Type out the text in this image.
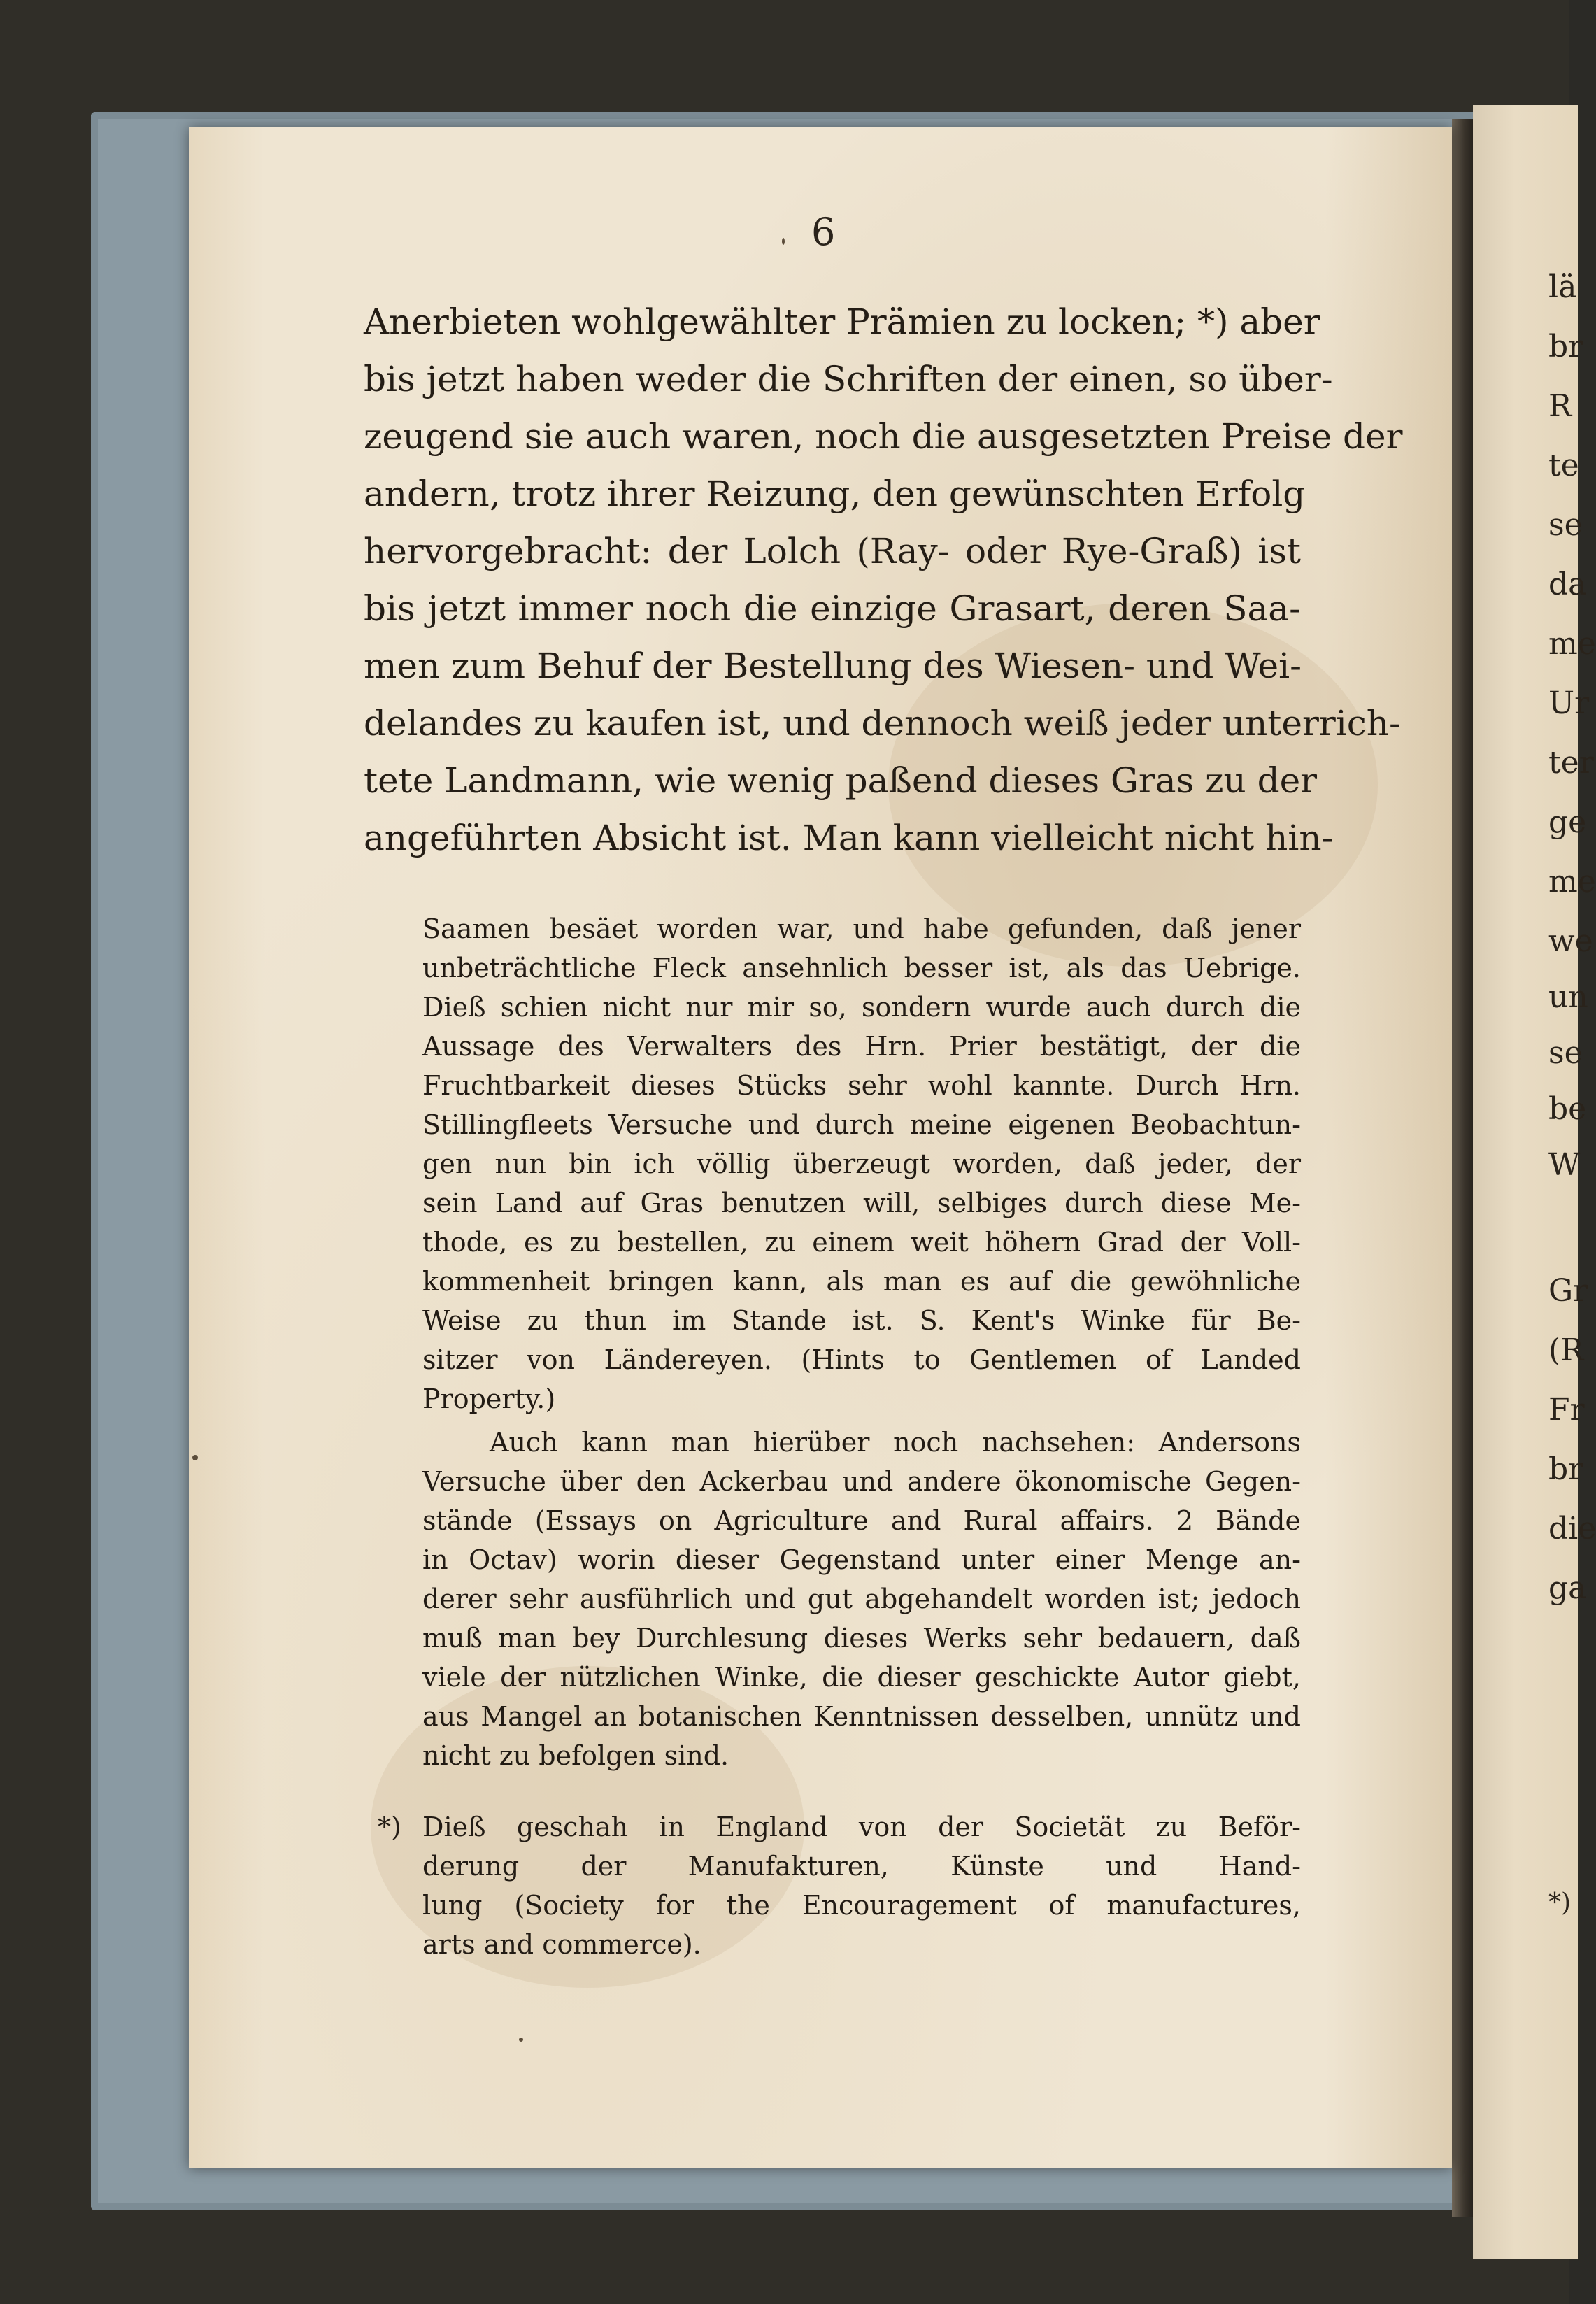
lä
br
R
te
se
da
me
Ur
ter
ge
me
we
un
se
be
W
Gr
(R
Fr
br
die
ga
*)
6
Anerbieten wohlgewählter Prämien zu locken; *) aber
bis jetzt haben weder die Schriften der einen, so über-
zeugend sie auch waren, noch die ausgesetzten Preise der
andern, trotz ihrer Reizung, den gewünschten Erfolg
hervorgebracht: der Lolch (Ray- oder Rye-Graß) ist
bis jetzt immer noch die einzige Grasart, deren Saa-
men zum Behuf der Bestellung des Wiesen- und Wei-
delandes zu kaufen ist, und dennoch weiß jeder unterrich-
tete Landmann, wie wenig paßend dieses Gras zu der
angeführten Absicht ist. Man kann vielleicht nicht hin-
Saamen besäet worden war, und habe gefunden, daß jener
unbeträchtliche Fleck ansehnlich besser ist, als das Uebrige.
Dieß schien nicht nur mir so, sondern wurde auch durch die
Aussage des Verwalters des Hrn. Prier bestätigt, der die
Fruchtbarkeit dieses Stücks sehr wohl kannte. Durch Hrn.
Stillingfleets Versuche und durch meine eigenen Beobachtun-
gen nun bin ich völlig überzeugt worden, daß jeder, der
sein Land auf Gras benutzen will, selbiges durch diese Me-
thode, es zu bestellen, zu einem weit höhern Grad der Voll-
kommenheit bringen kann, als man es auf die gewöhnliche
Weise zu thun im Stande ist. S. Kent's Winke für Be-
sitzer von Ländereyen. (Hints to Gentlemen of Landed
Property.)
Auch kann man hierüber noch nachsehen: Andersons
Versuche über den Ackerbau und andere ökonomische Gegen-
stände (Essays on Agriculture and Rural affairs. 2 Bände
in Octav) worin dieser Gegenstand unter einer Menge an-
derer sehr ausführlich und gut abgehandelt worden ist; jedoch
muß man bey Durchlesung dieses Werks sehr bedauern, daß
viele der nützlichen Winke, die dieser geschickte Autor giebt,
aus Mangel an botanischen Kenntnissen desselben, unnütz und
nicht zu befolgen sind.
*) Dieß geschah in England von der Societät zu Beför-
derung der Manufakturen, Künste und Hand-
lung (Society for the Encouragement of manufactures,
arts and commerce).
